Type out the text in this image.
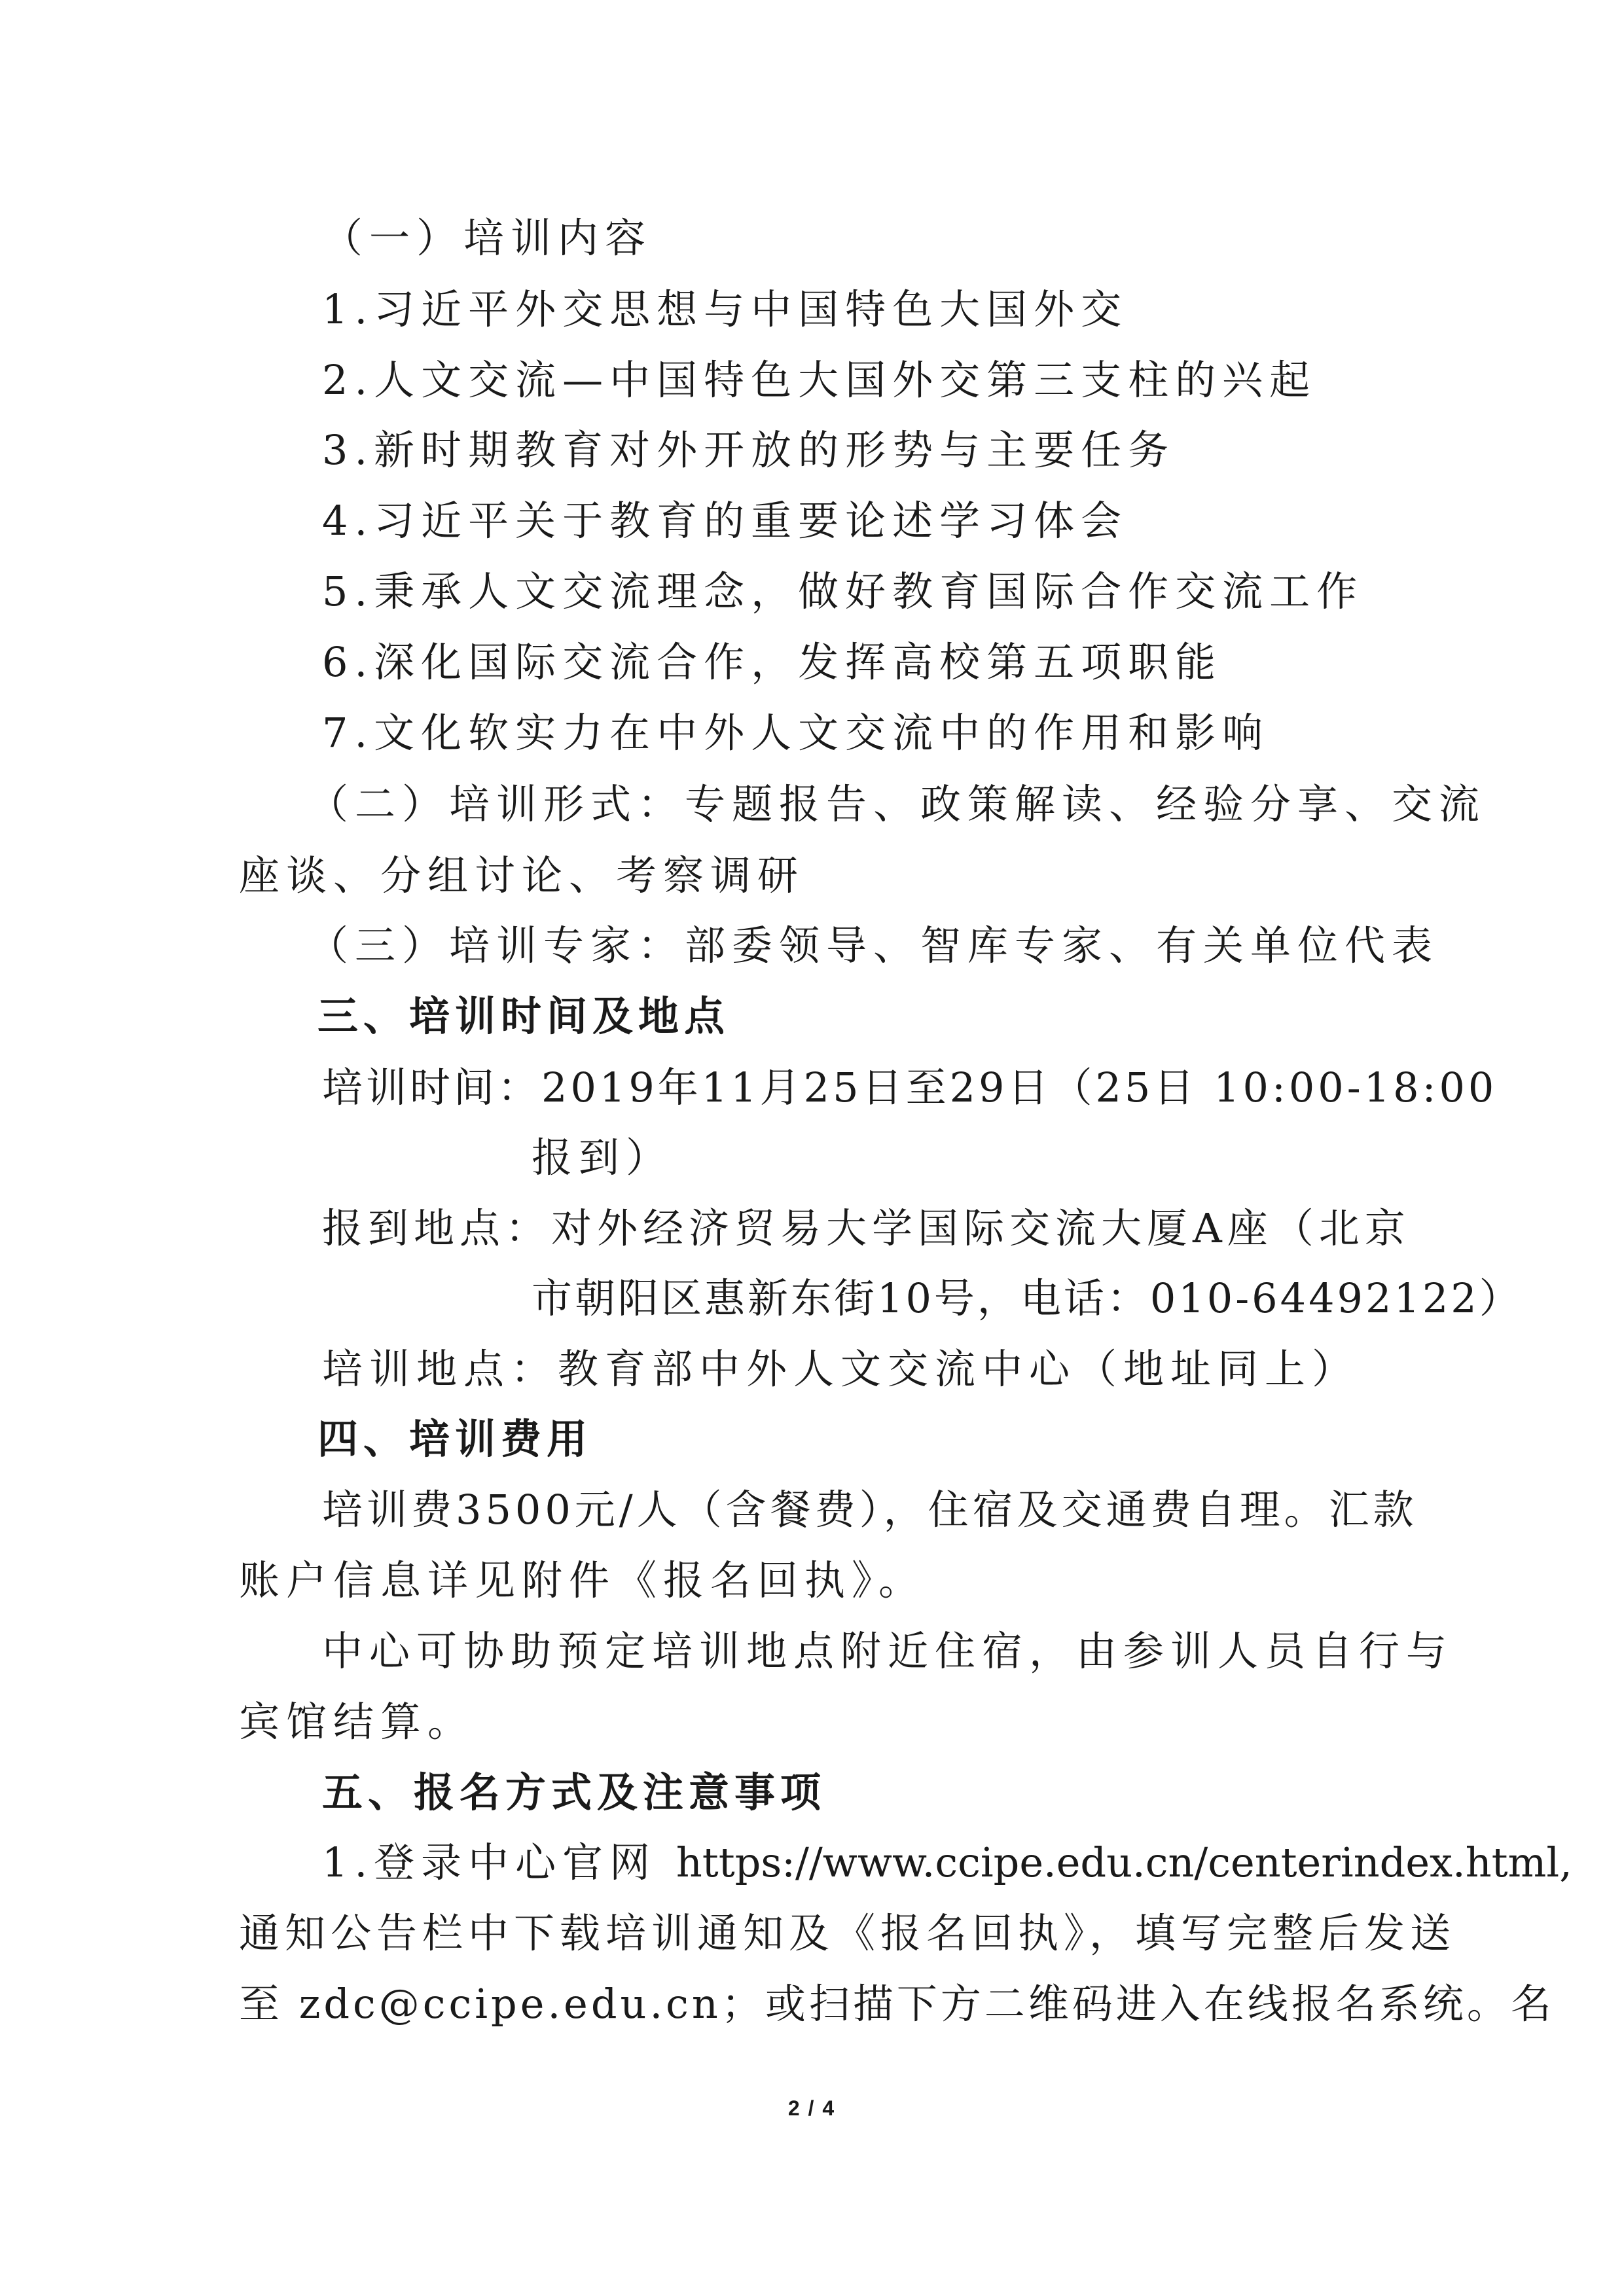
（一）培训内容
1.习近平外交思想与中国特色大国外交
2.人文交流—中国特色大国外交第三支柱的兴起
3.新时期教育对外开放的形势与主要任务
4.习近平关于教育的重要论述学习体会
5.秉承人文交流理念，做好教育国际合作交流工作
6.深化国际交流合作，发挥高校第五项职能
7.文化软实力在中外人文交流中的作用和影响
（二）培训形式：专题报告、政策解读、经验分享、交流
座谈、分组讨论、考察调研
（三）培训专家：部委领导、智库专家、有关单位代表
三、培训时间及地点
培训时间：2019年11月25日至29日（25日 10:00-18:00
报到）
报到地点：对外经济贸易大学国际交流大厦A座（北京
市朝阳区惠新东街10号，电话：010-64492122）
培训地点：教育部中外人文交流中心（地址同上）
四、培训费用
培训费3500元/人（含餐费），住宿及交通费自理。汇款
账户信息详见附件《报名回执》。
中心可协助预定培训地点附近住宿，由参训人员自行与
宾馆结算。
五、报名方式及注意事项
1.登录中心官网 https://www.ccipe.edu.cn/centerindex.html,
通知公告栏中下载培训通知及《报名回执》，填写完整后发送
至 zdc@ccipe.edu.cn；或扫描下方二维码进入在线报名系统。名
2 / 4
